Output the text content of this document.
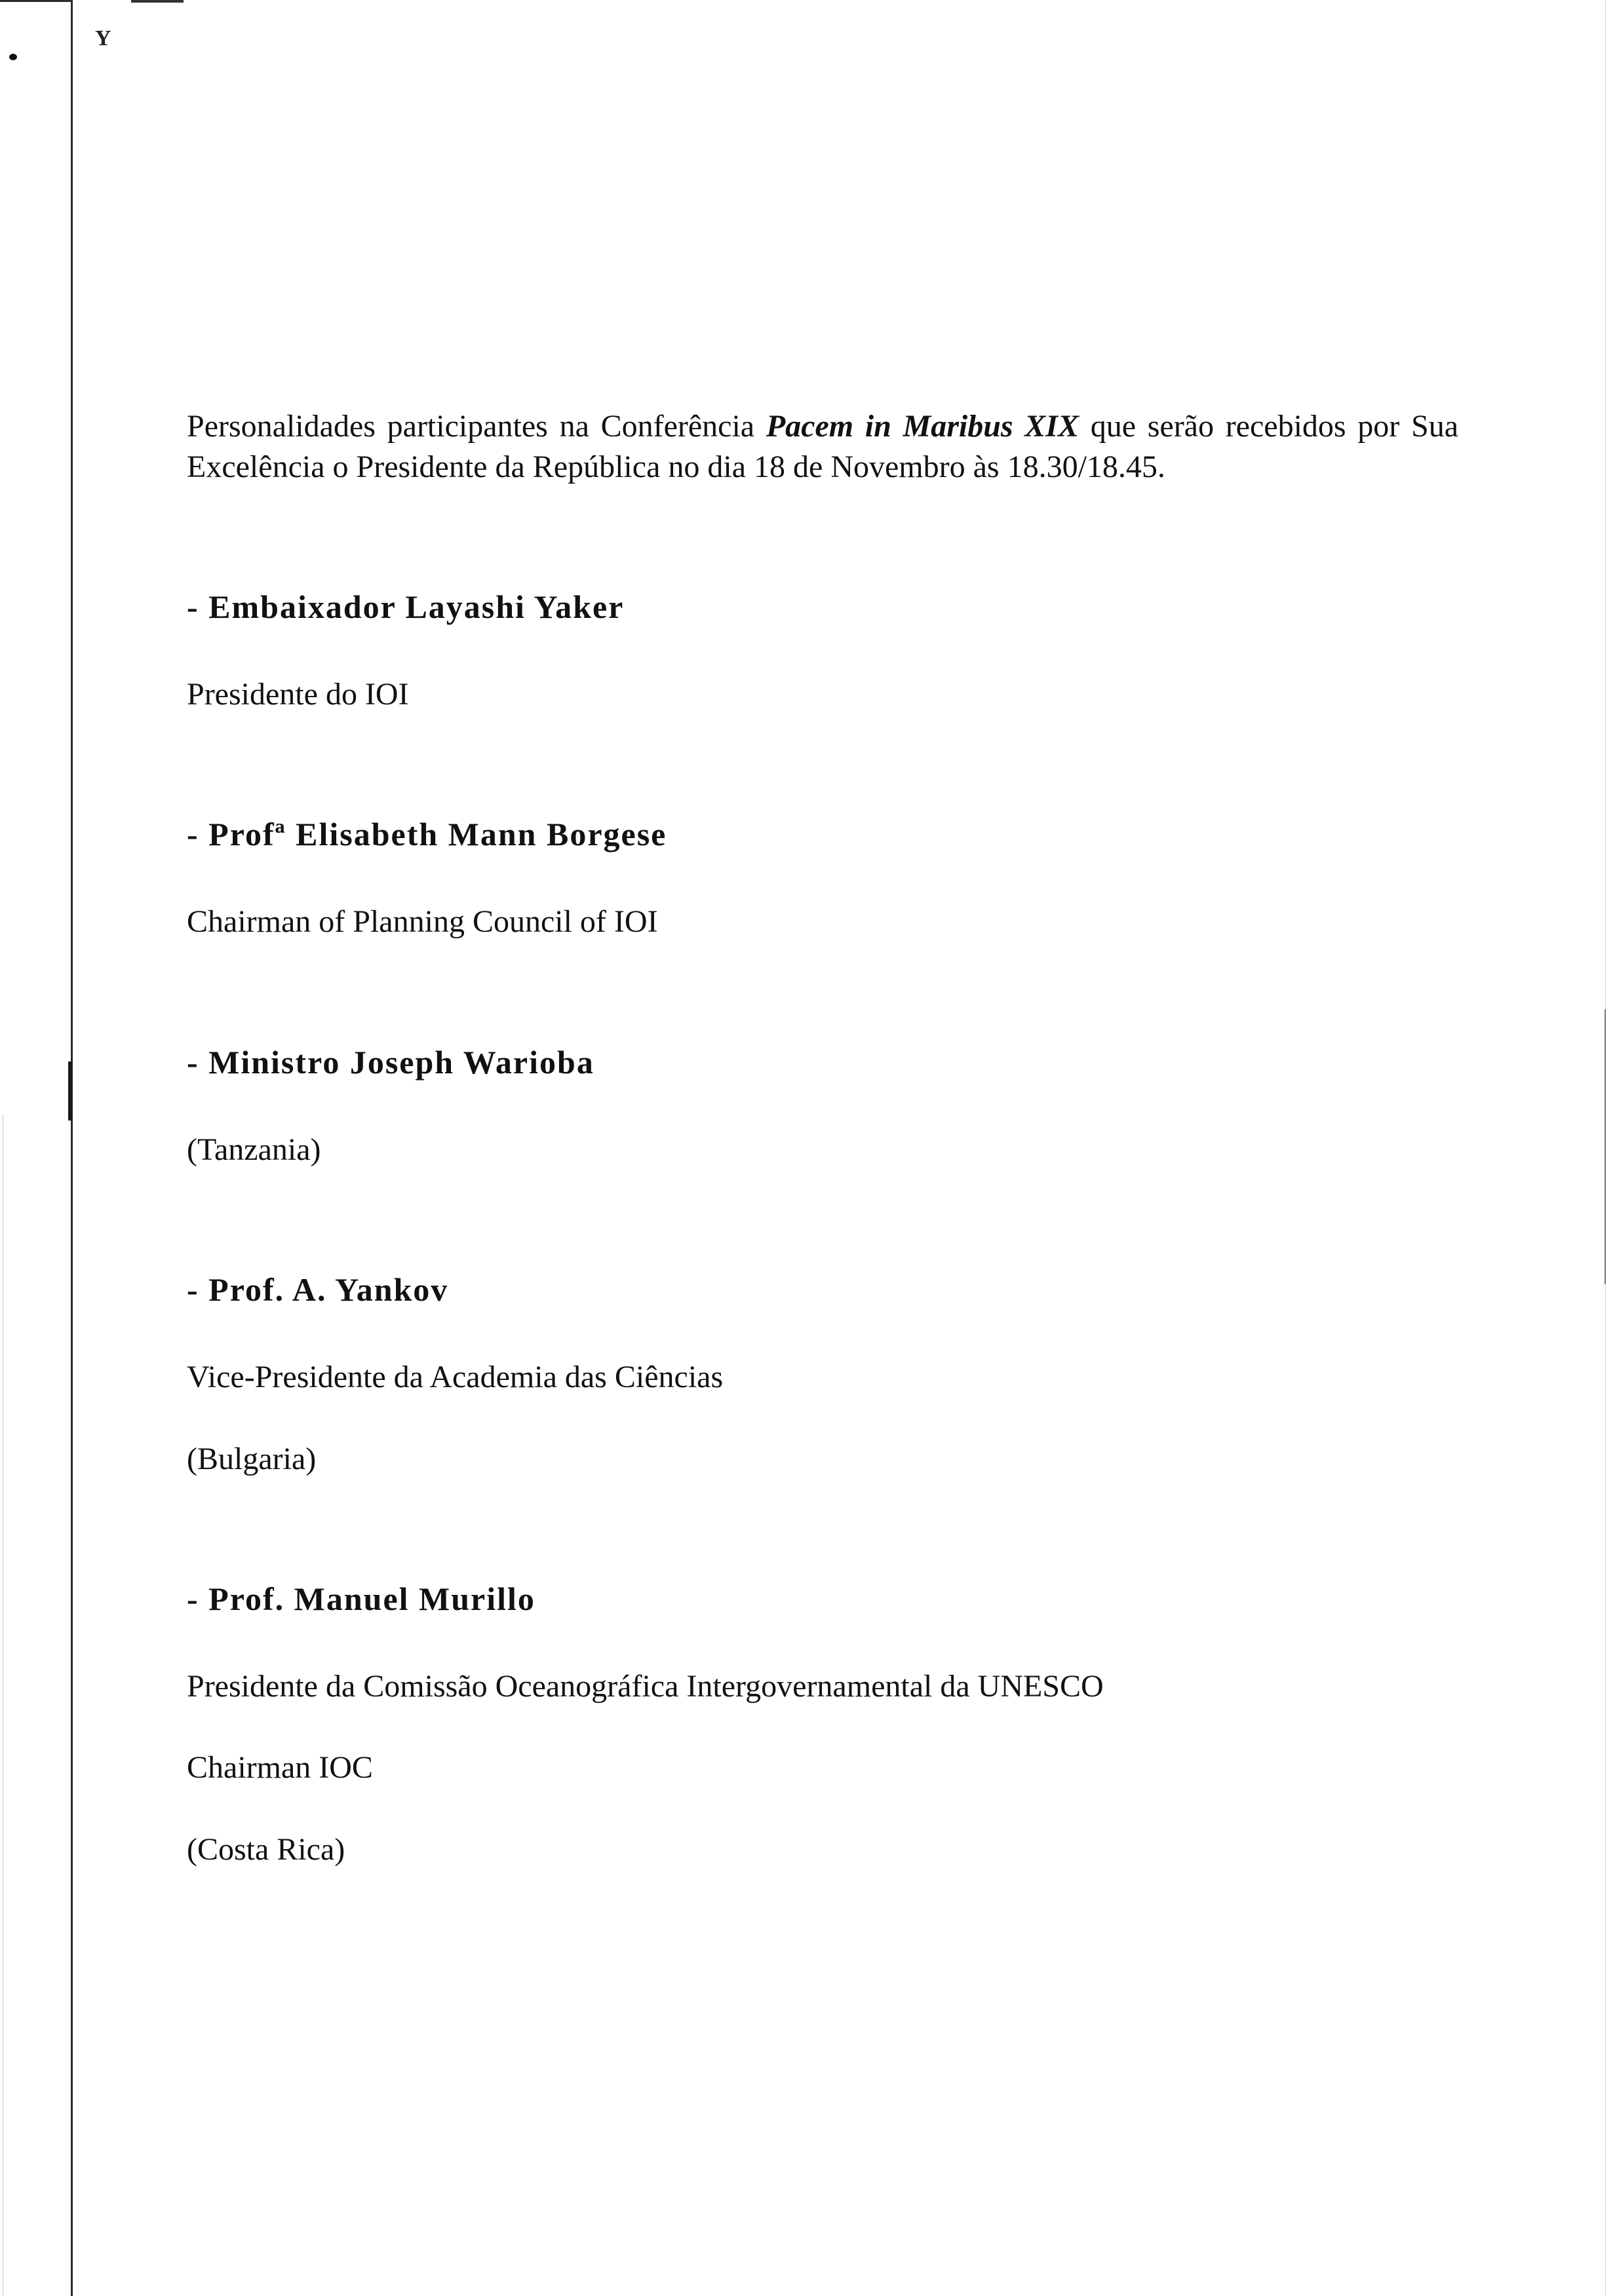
Y

Personalidades participantes na Conferência Pacem in Maribus XIX que serão recebidos por Sua Excelência o Presidente da República no dia 18 de Novembro às 18.30/18.45.

- Embaixador Layashi Yaker

Presidente do IOI

- Profª Elisabeth Mann Borgese

Chairman of Planning Council of IOI

- Ministro Joseph Warioba

(Tanzania)

- Prof. A. Yankov

Vice-Presidente da Academia das Ciências

(Bulgaria)

- Prof. Manuel Murillo

Presidente da Comissão Oceanográfica Intergovernamental da UNESCO

Chairman IOC

(Costa Rica)
